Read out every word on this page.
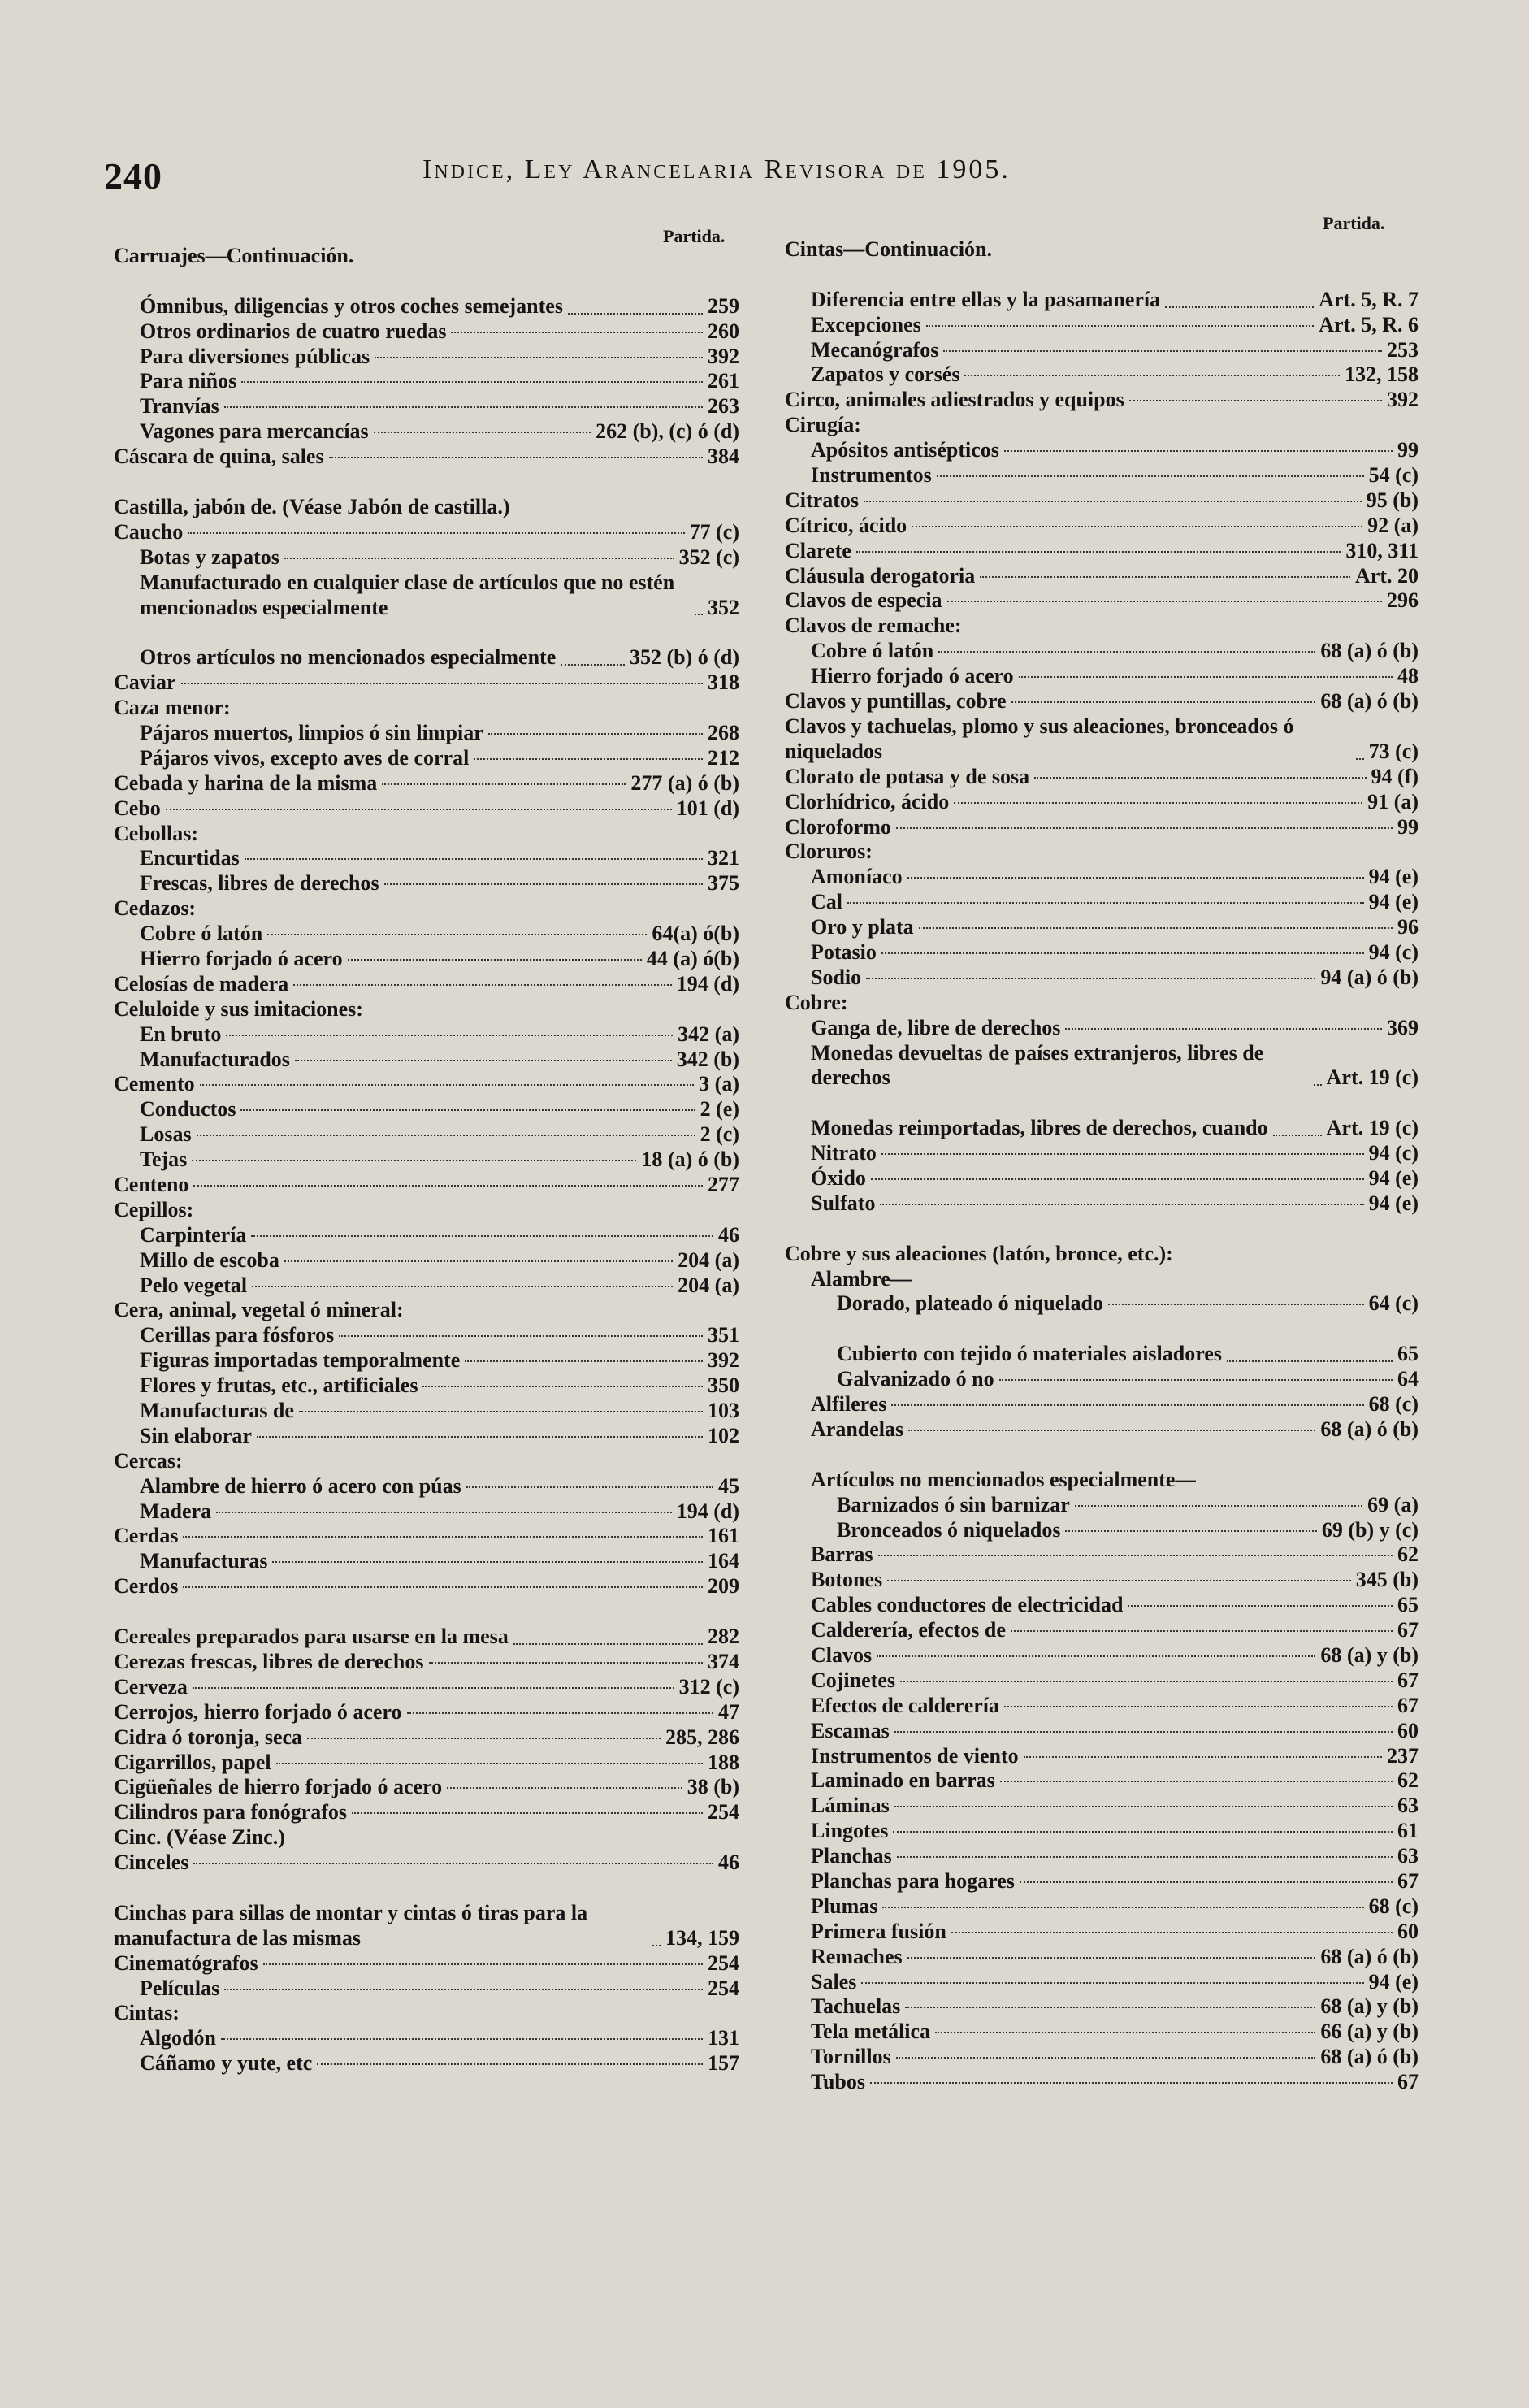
240	Indice, Ley Arancelaria Revisora de 1905.
Partida.
Partida.
Carruajes—Continuación.
Ómnibus, diligencias y otros coches semejantes	259
Otros ordinarios de cuatro ruedas	260
Para diversiones públicas	392
Para niños	261
Tranvías	263
Vagones para mercancías	262 (b), (c) ó (d)
Cáscara de quina, sales	384
Castilla, jabón de. (Véase Jabón de castilla.)
Caucho	77 (c)
Botas y zapatos	352 (c)
Manufacturado en cualquier clase de artículos que no estén mencionados especialmente	352
Otros artículos no mencionados especialmente	352 (b) ó (d)
Caviar	318
Caza menor:
Pájaros muertos, limpios ó sin limpiar	268
Pájaros vivos, excepto aves de corral	212
Cebada y harina de la misma	277 (a) ó (b)
Cebo	101 (d)
Cebollas:
Encurtidas	321
Frescas, libres de derechos	375
Cedazos:
Cobre ó latón	64(a) ó(b)
Hierro forjado ó acero	44 (a) ó(b)
Celosías de madera	194 (d)
Celuloide y sus imitaciones:
En bruto	342 (a)
Manufacturados	342 (b)
Cemento	3 (a)
Conductos	2 (e)
Losas	2 (c)
Tejas	18 (a) ó (b)
Centeno	277
Cepillos:
Carpintería	46
Millo de escoba	204 (a)
Pelo vegetal	204 (a)
Cera, animal, vegetal ó mineral:
Cerillas para fósforos	351
Figuras importadas temporalmente	392
Flores y frutas, etc., artificiales	350
Manufacturas de	103
Sin elaborar	102
Cercas:
Alambre de hierro ó acero con púas	45
Madera	194 (d)
Cerdas	161
Manufacturas	164
Cerdos	209
Cereales preparados para usarse en la mesa	282
Cerezas frescas, libres de derechos	374
Cerveza	312 (c)
Cerrojos, hierro forjado ó acero	47
Cidra ó toronja, seca	285, 286
Cigarrillos, papel	188
Cigüeñales de hierro forjado ó acero	38 (b)
Cilindros para fonógrafos	254
Cinc. (Véase Zinc.)
Cinceles	46
Cinchas para sillas de montar y cintas ó tiras para la manufactura de las mismas	134, 159
Cinematógrafos	254
Películas	254
Cintas:
Algodón	131
Cáñamo y yute, etc	157
Cintas—Continuación.
Diferencia entre ellas y la pasamanería	Art. 5, R. 7
Excepciones	Art. 5, R. 6
Mecanógrafos	253
Zapatos y corsés	132, 158
Circo, animales adiestrados y equipos	392
Cirugía:
Apósitos antisépticos	99
Instrumentos	54 (c)
Citratos	95 (b)
Cítrico, ácido	92 (a)
Clarete	310, 311
Cláusula derogatoria	Art. 20
Clavos de especia	296
Clavos de remache:
Cobre ó latón	68 (a) ó (b)
Hierro forjado ó acero	48
Clavos y puntillas, cobre	68 (a) ó (b)
Clavos y tachuelas, plomo y sus aleaciones, bronceados ó niquelados	73 (c)
Clorato de potasa y de sosa	94 (f)
Clorhídrico, ácido	91 (a)
Cloroformo	99
Cloruros:
Amoníaco	94 (e)
Cal	94 (e)
Oro y plata	96
Potasio	94 (c)
Sodio	94 (a) ó (b)
Cobre:
Ganga de, libre de derechos	369
Monedas devueltas de países extranjeros, libres de derechos	Art. 19 (c)
Monedas reimportadas, libres de derechos, cuando	Art. 19 (c)
Nitrato	94 (c)
Óxido	94 (e)
Sulfato	94 (e)
Cobre y sus aleaciones (latón, bronce, etc.):
Alambre—
Dorado, plateado ó niquelado	64 (c)
Cubierto con tejido ó materiales aisladores	65
Galvanizado ó no	64
Alfileres	68 (c)
Arandelas	68 (a) ó (b)
Artículos no mencionados especialmente—
Barnizados ó sin barnizar	69 (a)
Bronceados ó niquelados	69 (b) y (c)
Barras	62
Botones	345 (b)
Cables conductores de electricidad	65
Calderería, efectos de	67
Clavos	68 (a) y (b)
Cojinetes	67
Efectos de calderería	67
Escamas	60
Instrumentos de viento	237
Laminado en barras	62
Láminas	63
Lingotes	61
Planchas	63
Planchas para hogares	67
Plumas	68 (c)
Primera fusión	60
Remaches	68 (a) ó (b)
Sales	94 (e)
Tachuelas	68 (a) y (b)
Tela metálica	66 (a) y (b)
Tornillos	68 (a) ó (b)
Tubos	67
